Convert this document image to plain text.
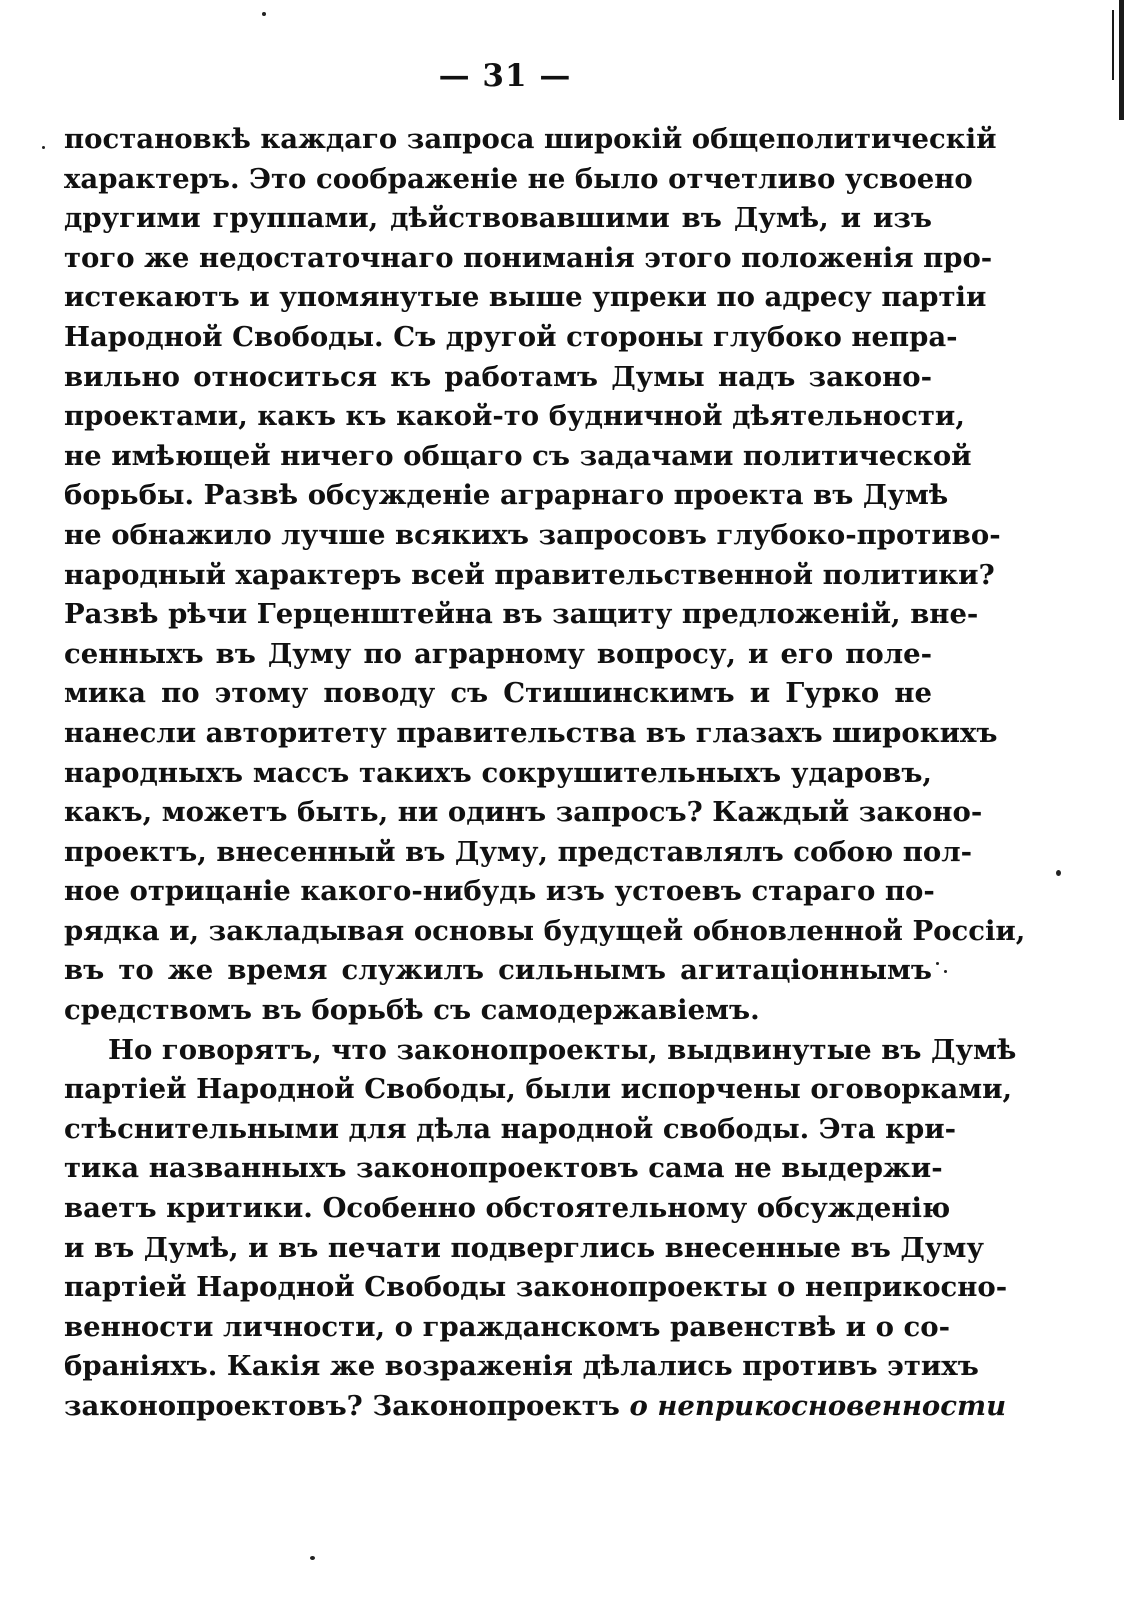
— 31 —
постановкѣ каждаго запроса широкій общеполитическій
характеръ. Это соображеніе не было отчетливо усвоено
другими группами, дѣйствовавшими въ Думѣ, и изъ
того же недостаточнаго пониманія этого положенія про-
истекаютъ и упомянутые выше упреки по адресу партіи
Народной Свободы. Съ другой стороны глубоко непра-
вильно относиться къ работамъ Думы надъ законо-
проектами, какъ къ какой-то будничной дѣятельности,
не имѣющей ничего общаго съ задачами политической
борьбы. Развѣ обсужденіе аграрнаго проекта въ Думѣ
не обнажило лучше всякихъ запросовъ глубоко-противо-
народный характеръ всей правительственной политики?
Развѣ рѣчи Герценштейна въ защиту предложеній, вне-
сенныхъ въ Думу по аграрному вопросу, и его поле-
мика по этому поводу съ Стишинскимъ и Гурко не
нанесли авторитету правительства въ глазахъ широкихъ
народныхъ массъ такихъ сокрушительныхъ ударовъ,
какъ, можетъ быть, ни одинъ запросъ? Каждый законо-
проектъ, внесенный въ Думу, представлялъ собою пол-
ное отрицаніе какого-нибудь изъ устоевъ стараго по-
рядка и, закладывая основы будущей обновленной Россіи,
въ то же время служилъ сильнымъ агитаціоннымъ
средствомъ въ борьбѣ съ самодержавіемъ.
Но говорятъ, что законопроекты, выдвинутые въ Думѣ
партіей Народной Свободы, были испорчены оговорками,
стѣснительными для дѣла народной свободы. Эта кри-
тика названныхъ законопроектовъ сама не выдержи-
ваетъ критики. Особенно обстоятельному обсужденію
и въ Думѣ, и въ печати подверглись внесенные въ Думу
партіей Народной Свободы законопроекты о неприкосно-
венности личности, о гражданскомъ равенствѣ и о со-
браніяхъ. Какія же возраженія дѣлались противъ этихъ
законопроектовъ? Законопроектъ о неприкосновенности
